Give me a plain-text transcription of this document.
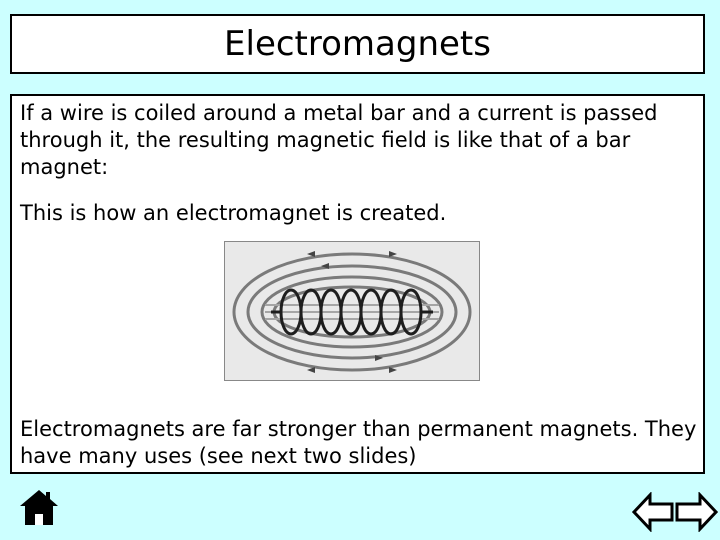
Electromagnets

If a wire is coiled around a metal bar and a current is passed through it, the resulting magnetic field is like that of a bar magnet:

This is how an electromagnet is created.

Electromagnets are far stronger than permanent magnets. They have many uses (see next two slides)
